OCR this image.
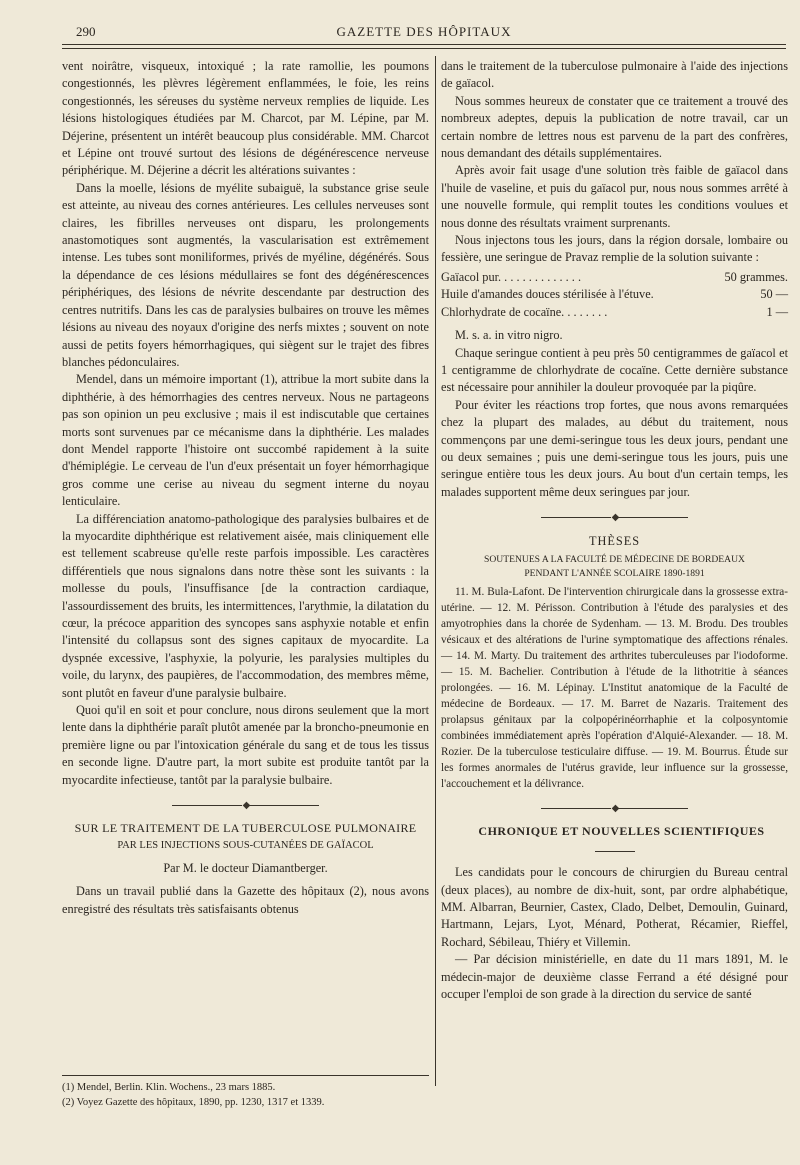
290	GAZETTE DES HÔPITAUX

vent noirâtre, visqueux, intoxiqué ; la rate ramollie, les poumons congestionnés, les plèvres légèrement enflammées, le foie, les reins congestionnés, les séreuses du système nerveux remplies de liquide. Les lésions histologiques étudiées par M. Charcot, par M. Lépine, par M. Déjerine, présentent un intérêt beaucoup plus considérable. MM. Charcot et Lépine ont trouvé surtout des lésions de dégénérescence nerveuse périphérique. M. Déjerine a décrit les altérations suivantes :

Dans la moelle, lésions de myélite subaiguë, la substance grise seule est atteinte, au niveau des cornes antérieures. Les cellules nerveuses sont claires, les fibrilles nerveuses ont disparu, les prolongements anastomotiques sont augmentés, la vascularisation est extrêmement intense. Les tubes sont moniliformes, privés de myéline, dégénérés. Sous la dépendance de ces lésions médullaires se font des dégénérescences périphériques, des lésions de névrite descendante par destruction des centres nutritifs. Dans les cas de paralysies bulbaires on trouve les mêmes lésions au niveau des noyaux d'origine des nerfs mixtes ; souvent on note aussi de petits foyers hémorrhagiques, qui siègent sur le trajet des fibres blanches pédonculaires.

Mendel, dans un mémoire important (1), attribue la mort subite dans la diphthérie, à des hémorrhagies des centres nerveux. Nous ne partageons pas son opinion un peu exclusive ; mais il est indiscutable que certaines morts sont survenues par ce mécanisme dans la diphthérie. Les malades dont Mendel rapporte l'histoire ont succombé rapidement à la suite d'hémiplégie. Le cerveau de l'un d'eux présentait un foyer hémorrhagique gros comme une cerise au niveau du segment interne du noyau lenticulaire.

La différenciation anatomo-pathologique des paralysies bulbaires et de la myocardite diphthérique est relativement aisée, mais cliniquement elle est tellement scabreuse qu'elle reste parfois impossible. Les caractères différentiels que nous signalons dans notre thèse sont les suivants : la mollesse du pouls, l'insuffisance [de la contraction cardiaque, l'assourdissement des bruits, les intermittences, l'arythmie, la dilatation du cœur, la précoce apparition des syncopes sans asphyxie notable et enfin l'intensité du collapsus sont des signes capitaux de myocardite. La dyspnée excessive, l'asphyxie, la polyurie, les paralysies multiples du voile, du larynx, des paupières, de l'accommodation, des membres même, sont plutôt en faveur d'une paralysie bulbaire.

Quoi qu'il en soit et pour conclure, nous dirons seulement que la mort lente dans la diphthérie paraît plutôt amenée par la broncho-pneumonie en première ligne ou par l'intoxication générale du sang et de tous les tissus en seconde ligne. D'autre part, la mort subite est produite tantôt par la myocardite infectieuse, tantôt par la paralysie bulbaire.

◆

SUR LE TRAITEMENT DE LA TUBERCULOSE PULMONAIRE

PAR LES INJECTIONS SOUS-CUTANÉES DE GAÏACOL

Par M. le docteur Diamantberger.

Dans un travail publié dans la Gazette des hôpitaux (2), nous avons enregistré des résultats très satisfaisants obtenus

(1) Mendel, Berlin. Klin. Wochens., 23 mars 1885.
(2) Voyez Gazette des hôpitaux, 1890, pp. 1230, 1317 et 1339.

dans le traitement de la tuberculose pulmonaire à l'aide des injections de gaïacol.

Nous sommes heureux de constater que ce traitement a trouvé des nombreux adeptes, depuis la publication de notre travail, car un certain nombre de lettres nous est parvenu de la part des confrères, nous demandant des détails supplémentaires.

Après avoir fait usage d'une solution très faible de gaïacol dans l'huile de vaseline, et puis du gaïacol pur, nous nous sommes arrêté à une nouvelle formule, qui remplit toutes les conditions voulues et nous donne des résultats vraiment surprenants.

Nous injectons tous les jours, dans la région dorsale, lombaire ou fessière, une seringue de Pravaz remplie de la solution suivante :

Gaïacol pur. . . . . . . . . . . . . .	50 grammes.
Huile d'amandes douces stérilisée à l'étuve.	50 —
Chlorhydrate de cocaïne. . . . . . . .	1 —

M. s. a. in vitro nigro.

Chaque seringue contient à peu près 50 centigrammes de gaïacol et 1 centigramme de chlorhydrate de cocaïne. Cette dernière substance est nécessaire pour annihiler la douleur provoquée par la piqûre.

Pour éviter les réactions trop fortes, que nous avons remarquées chez la plupart des malades, au début du traitement, nous commençons par une demi-seringue tous les deux jours, pendant une ou deux semaines ; puis une demi-seringue tous les jours, puis une seringue entière tous les deux jours. Au bout d'un certain temps, les malades supportent même deux seringues par jour.

◆

THÈSES

SOUTENUES A LA FACULTÉ DE MÉDECINE DE BORDEAUX

PENDANT L'ANNÉE SCOLAIRE 1890-1891

11. M. Bula-Lafont. De l'intervention chirurgicale dans la grossesse extra-utérine. — 12. M. Périsson. Contribution à l'étude des paralysies et des amyotrophies dans la chorée de Sydenham. — 13. M. Brodu. Des troubles vésicaux et des altérations de l'urine symptomatique des affections rénales. — 14. M. Marty. Du traitement des arthrites tuberculeuses par l'iodoforme. — 15. M. Bachelier. Contribution à l'étude de la lithotritie à séances prolongées. — 16. M. Lépinay. L'Institut anatomique de la Faculté de médecine de Bordeaux. — 17. M. Barret de Nazaris. Traitement des prolapsus génitaux par la colpopérinéorrhaphie et la colposyntomie combinées immédiatement après l'opération d'Alquié-Alexander. — 18. M. Rozier. De la tuberculose testiculaire diffuse. — 19. M. Bourrus. Étude sur les formes anormales de l'utérus gravide, leur influence sur la grossesse, l'accouchement et la délivrance.

◆

CHRONIQUE ET NOUVELLES SCIENTIFIQUES

Les candidats pour le concours de chirurgien du Bureau central (deux places), au nombre de dix-huit, sont, par ordre alphabétique, MM. Albarran, Beurnier, Castex, Clado, Delbet, Demoulin, Guinard, Hartmann, Lejars, Lyot, Ménard, Potherat, Récamier, Rieffel, Rochard, Sébileau, Thiéry et Villemin.

— Par décision ministérielle, en date du 11 mars 1891, M. le médecin-major de deuxième classe Ferrand a été désigné pour occuper l'emploi de son grade à la direction du service de santé
